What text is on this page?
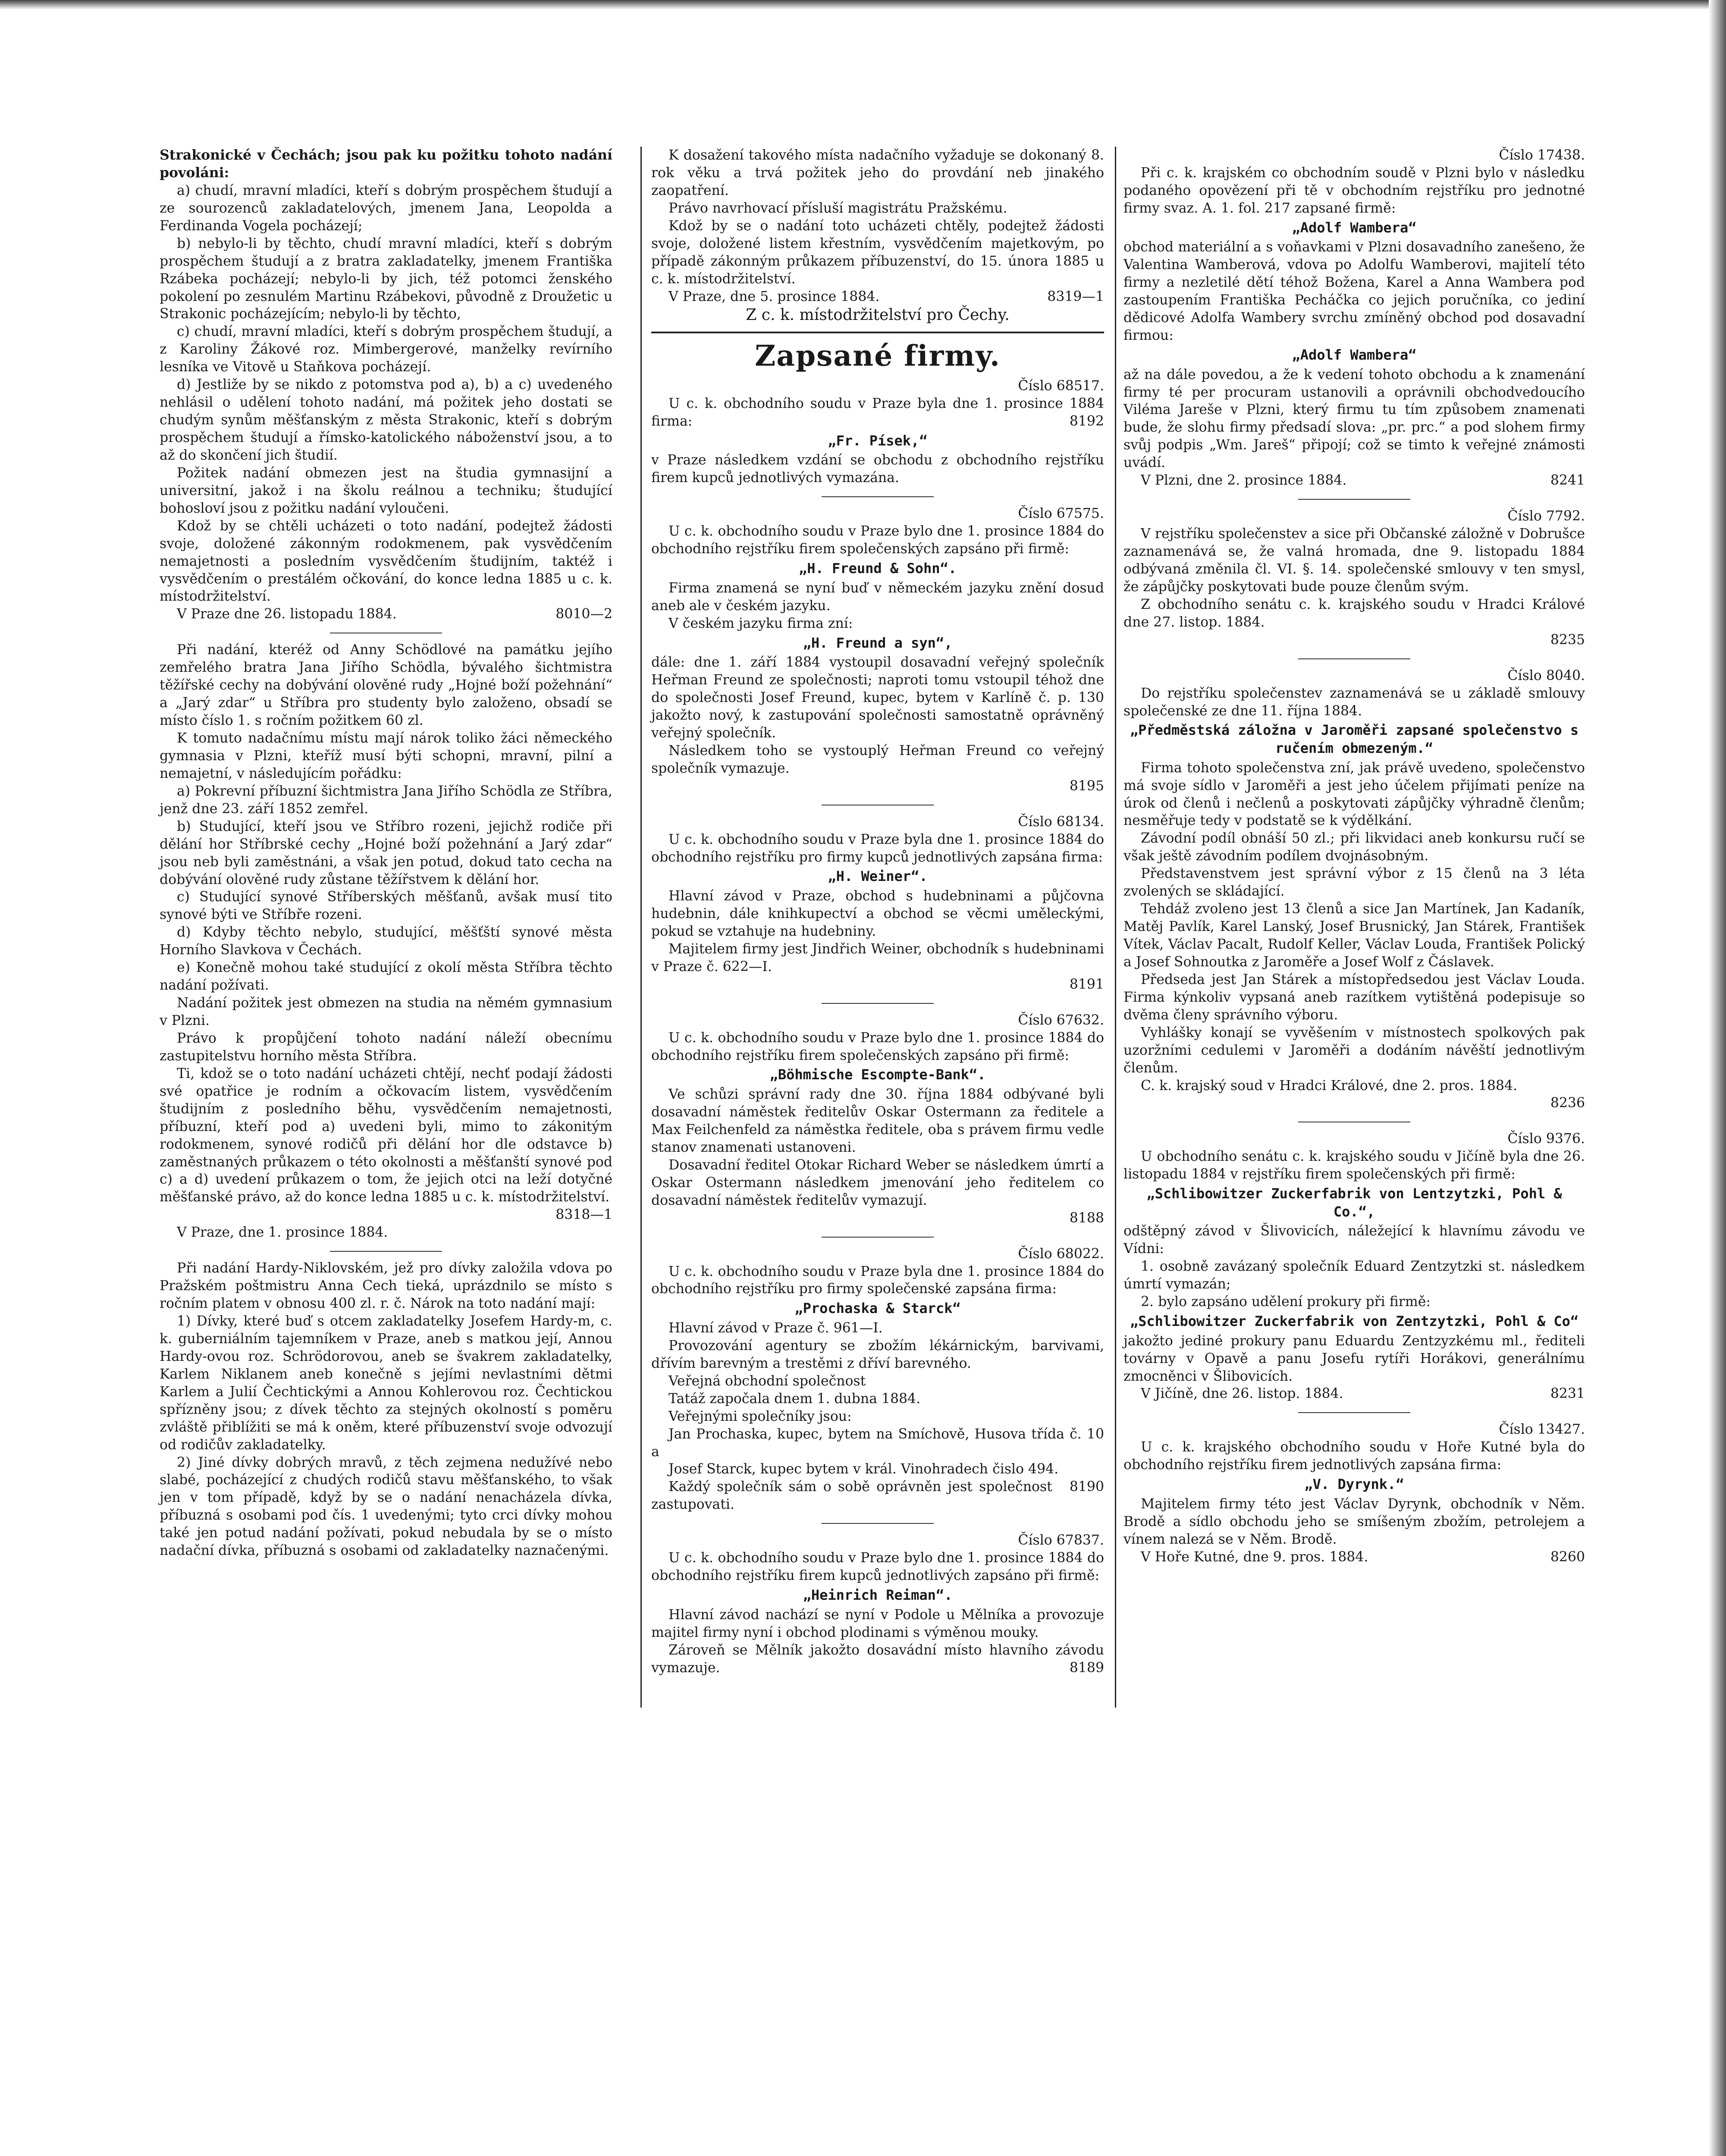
Strakonické v Čechách; jsou pak ku požitku tohoto nadání povoláni:

a) chudí, mravní mladíci, kteří s dobrým prospěchem študují a ze sourozenců zakladatelových, jmenem Jana, Leopolda a Ferdinanda Vogela pocházejí;

b) nebylo-li by těchto, chudí mravní mladíci, kteří s dobrým prospěchem študují a z bratra zakladatelky, jmenem Františka Rzábeka pocházejí; nebylo-li by jich, též potomci ženského pokolení po zesnulém Martinu Rzábekovi, původně z Droužetic u Strakonic pocházejícím; nebylo-li by těchto,

c) chudí, mravní mladíci, kteří s dobrým prospěchem študují, a z Karoliny Žákové roz. Mimbergerové, manželky revírního lesníka ve Vitově u Staňkova pocházejí.

d) Jestliže by se nikdo z potomstva pod a), b) a c) uvedeného nehlásil o udělení tohoto nadání, má požitek jeho dostati se chudým synům měšťanským z města Strakonic, kteří s dobrým prospěchem študují a římsko-katolického náboženství jsou, a to až do skončení jich študií.

Požitek nadání obmezen jest na študia gymnasijní a universitní, jakož i na školu reálnou a techniku; študující bohosloví jsou z požitku nadání vyloučeni.

Kdož by se chtěli ucházeti o toto nadání, podejtež žádosti svoje, doložené zákonným rodokmenem, pak vysvědčením nemajetnosti a posledním vysvědčením študijním, taktéž i vysvědčením o prestálém očkování, do konce ledna 1885 u c. k. místodržitelství.

V Praze dne 26. listopadu 1884.	8010—2

Při nadání, kteréž od Anny Schödlové na památku jejího zemřelého bratra Jana Jiřího Schödla, bývalého šichtmistra těžířské cechy na dobývání olověné rudy „Hojné boží požehnání“ a „Jarý zdar“ u Stříbra pro studenty bylo založeno, obsadí se místo číslo 1. s ročním požitkem 60 zl.

K tomuto nadačnímu místu mají nárok toliko žáci německého gymnasia v Plzni, kteříž musí býti schopni, mravní, pilní a nemajetní, v následujícím pořádku:

a) Pokrevní příbuzní šichtmistra Jana Jiřího Schödla ze Stříbra, jenž dne 23. září 1852 zemřel.

b) Studující, kteří jsou ve Stříbro rozeni, jejichž rodiče při dělání hor Stříbrské cechy „Hojné boží požehnání a Jarý zdar“ jsou neb byli zaměstnáni, a však jen potud, dokud tato cecha na dobývání olověné rudy zůstane těžířstvem k dělání hor.

c) Studující synové Stříberských měšťanů, avšak musí tito synové býti ve Stříbře rozeni.

d) Kdyby těchto nebylo, studující, měšťští synové města Horního Slavkova v Čechách.

e) Konečně mohou také studující z okolí města Stříbra těchto nadání požívati.

Nadání požitek jest obmezen na studia na němém gymnasium v Plzni.

Právo k propůjčení tohoto nadání náleží obecnímu zastupitelstvu horního města Stříbra.

Ti, kdož se o toto nadání ucházeti chtějí, nechť podají žádosti své opatřice je rodním a očkovacím listem, vysvědčením študijním z posledního běhu, vysvědčením nemajetnosti, příbuzní, kteří pod a) uvedeni byli, mimo to zákonitým rodokmenem, synové rodičů při dělání hor dle odstavce b) zaměstnaných průkazem o této okolnosti a měšťanští synové pod c) a d) uvedení průkazem o tom, že jejich otci na leží dotyčné měšťanské právo, až do konce ledna 1885 u c. k. místodržitelství.

8318—1

V Praze, dne 1. prosince 1884.

Při nadání Hardy-Niklovském, jež pro dívky založila vdova po Pražském poštmistru Anna Cech tieká, uprázdnilo se místo s ročním platem v obnosu 400 zl. r. č. Nárok na toto nadání mají:

1) Dívky, které buď s otcem zakladatelky Josefem Hardy-m, c. k. guberniálním tajemníkem v Praze, aneb s matkou její, Annou Hardy-ovou roz. Schrödorovou, aneb se švakrem zakladatelky, Karlem Niklanem aneb konečně s jejími nevlastními dětmi Karlem a Julií Čechtickými a Annou Kohlerovou roz. Čechtickou spřízněny jsou; z dívek těchto za stejných okolností s poměru zvláště přiblížiti se má k oněm, které příbuzenství svoje odvozují od rodičův zakladatelky.

2) Jiné dívky dobrých mravů, z těch zejmena nedužívé nebo slabé, pocházející z chudých rodičů stavu měšťanského, to však jen v tom případě, když by se o nadání nenacházela dívka, příbuzná s osobami pod čís. 1 uvedenými; tyto crci dívky mohou také jen potud nadání požívati, pokud nebudala by se o místo nadační dívka, příbuzná s osobami od zakladatelky naznačenými.

K dosažení takového místa nadačního vyžaduje se dokonaný 8. rok věku a trvá požitek jeho do provdání neb jinakého zaopatření.

Právo navrhovací přísluší magistrátu Pražskému.

Kdož by se o nadání toto ucházeti chtěly, podejtež žádosti svoje, doložené listem křestním, vysvědčením majetkovým, po případě zákonným průkazem příbuzenství, do 15. února 1885 u c. k. místodržitelství.

V Praze, dne 5. prosince 1884.	8319—1

Z c. k. místodržitelství pro Čechy.

Zapsané firmy.

Číslo 68517.

U c. k. obchodního soudu v Praze byla dne 1. prosince 1884 firma:	8192

„Fr. Písek,“

v Praze následkem vzdání se obchodu z obchodního rejstříku firem kupců jednotlivých vymazána.

Číslo 67575.

U c. k. obchodního soudu v Praze bylo dne 1. prosince 1884 do obchodního rejstříku firem společenských zapsáno při firmě:

„H. Freund & Sohn“.

Firma znamená se nyní buď v německém jazyku znění dosud aneb ale v českém jazyku.

V českém jazyku firma zní:

„H. Freund a syn“,

dále: dne 1. září 1884 vystoupil dosavadní veřejný společník Heřman Freund ze společnosti; naproti tomu vstoupil téhož dne do společnosti Josef Freund, kupec, bytem v Karlíně č. p. 130 jakožto nový, k zastupování společnosti samostatně oprávněný veřejný společník.

Následkem toho se vystouplý Heřman Freund co veřejný společník vymazuje.

8195

Číslo 68134.

U c. k. obchodního soudu v Praze byla dne 1. prosince 1884 do obchodního rejstříku pro firmy kupců jednotlivých zapsána firma:

„H. Weiner“.

Hlavní závod v Praze, obchod s hudebninami a půjčovna hudebnin, dále knihkupectví a obchod se věcmi uměleckými, pokud se vztahuje na hudebniny.

Majitelem firmy jest Jindřich Weiner, obchodník s hudebninami v Praze č. 622—I.

8191

Číslo 67632.

U c. k. obchodního soudu v Praze bylo dne 1. prosince 1884 do obchodního rejstříku firem společenských zapsáno při firmě:

„Böhmische Escompte-Bank“.

Ve schůzi správní rady dne 30. října 1884 odbývané byli dosavadní náměstek ředitelův Oskar Ostermann za ředitele a Max Feilchenfeld za náměstka ředitele, oba s právem firmu vedle stanov znamenati ustanoveni.

Dosavadní ředitel Otokar Richard Weber se následkem úmrtí a Oskar Ostermann následkem jmenování jeho ředitelem co dosavadní náměstek ředitelův vymazují.

8188

Číslo 68022.

U c. k. obchodního soudu v Praze byla dne 1. prosince 1884 do obchodního rejstříku pro firmy společenské zapsána firma:

„Prochaska & Starck“

Hlavní závod v Praze č. 961—I.

Provozování agentury se zbožím lékárnickým, barvivami, dřívím barevným a trestěmi z dříví barevného.

Veřejná obchodní společnost

Tatáž započala dnem 1. dubna 1884.

Veřejnými společníky jsou:

Jan Prochaska, kupec, bytem na Smíchově, Husova třída č. 10 a

Josef Starck, kupec bytem v král. Vinohradech čislo 494.
8190

Každý společník sám o sobě oprávněn jest společnost zastupovati.

Číslo 67837.

U c. k. obchodního soudu v Praze bylo dne 1. prosince 1884 do obchodního rejstříku firem kupců jednotlivých zapsáno při firmě:

„Heinrich Reiman“.

Hlavní závod nachází se nyní v Podole u Mělníka a provozuje majitel firmy nyní i obchod plodinami s výměnou mouky.

Zároveň se Mělník jakožto dosavádní místo hlavního závodu vymazuje.	8189

Číslo 17438.

Při c. k. krajském co obchodním soudě v Plzni bylo v následku podaného opovězení při tě v obchodním rejstříku pro jednotné firmy svaz. A. 1. fol. 217 zapsané firmě:

„Adolf Wambera“

obchod materiální a s voňavkami v Plzni dosavadního zanešeno, že Valentina Wamberová, vdova po Adolfu Wamberovi, majitelí této firmy a nezletilé dětí téhož Božena, Karel a Anna Wambera pod zastoupením Františka Pecháčka co jejich poručníka, co jediní dědicové Adolfa Wambery svrchu zmíněný obchod pod dosavadní firmou:

„Adolf Wambera“

až na dále povedou, a že k vedení tohoto obchodu a k znamenání firmy té per procuram ustanovili a oprávnili obchodvedoucího Viléma Jareše v Plzni, který firmu tu tím způsobem znamenati bude, že slohu firmy předsadí slova: „pr. prc.“ a pod slohem firmy svůj podpis „Wm. Jareš“ připojí; což se timto k veřejné známosti uvádí.

V Plzni, dne 2. prosince 1884.	8241

Číslo 7792.

V rejstříku společenstev a sice při Občanské záložně v Dobrušce zaznamenává se, že valná hromada, dne 9. listopadu 1884 odbývaná změnila čl. VI. §. 14. společenské smlouvy v ten smysl, že zápůjčky poskytovati bude pouze členům svým.

Z obchodního senátu c. k. krajského soudu v Hradci Králové dne 27. listop. 1884.

8235

Číslo 8040.

Do rejstříku společenstev zaznamenává se u základě smlouvy společenské ze dne 11. října 1884.

„Předměstská záložna v Jaroměři zapsané společenstvo s ručením obmezeným.“

Firma tohoto společenstva zní, jak právě uvedeno, společenstvo má svoje sídlo v Jaroměři a jest jeho účelem přijímati peníze na úrok od členů i nečlenů a poskytovati zápůjčky výhradně členům; nesměřuje tedy v podstatě se k výdělkání.

Závodní podíl obnáší 50 zl.; při likvidaci aneb konkursu ručí se však ještě závodním podílem dvojnásobným.

Představenstvem jest správní výbor z 15 členů na 3 léta zvolených se skládající.

Tehdáž zvoleno jest 13 členů a sice Jan Martínek, Jan Kadaník, Matěj Pavlík, Karel Lanský, Josef Brusnický, Jan Stárek, František Vítek, Václav Pacalt, Rudolf Keller, Václav Louda, František Polický a Josef Sohnoutka z Jaroměře a Josef Wolf z Čáslavek.

Předseda jest Jan Stárek a místopředsedou jest Václav Louda. Firma kýnkoliv vypsaná aneb razítkem vytištěná podepisuje so dvěma členy správního výboru.

Vyhlášky konají se vyvěšením v místnostech spolkových pak uzoržními cedulemi v Jaroměři a dodáním návěští jednotlivým členům.

C. k. krajský soud v Hradci Králové, dne 2. pros. 1884.

8236

Číslo 9376.

U obchodního senátu c. k. krajského soudu v Jičíně byla dne 26. listopadu 1884 v rejstříku firem společenských při firmě:

„Schlibowitzer Zuckerfabrik von Lentzytzki, Pohl & Co.“,

odštěpný závod v Šlivovicích, náležející k hlavnímu závodu ve Vídni:

1. osobně zavázaný společník Eduard Zentzytzki st. následkem úmrtí vymazán;

2. bylo zapsáno udělení prokury při firmě:

„Schlibowitzer Zuckerfabrik von Zentzytzki, Pohl & Co“

jakožto jediné prokury panu Eduardu Zentzyzkému ml., řediteli továrny v Opavě a panu Josefu rytíři Horákovi, generálnímu zmocněnci v Šlibovicích.

V Jičíně, dne 26. listop. 1884.	8231

Číslo 13427.

U c. k. krajského obchodního soudu v Hoře Kutné byla do obchodního rejstříku firem jednotlivých zapsána firma:

„V. Dyrynk.“

Majitelem firmy této jest Václav Dyrynk, obchodník v Něm. Brodě a sídlo obchodu jeho se smíšeným zbožím, petrolejem a vínem nalezá se v Něm. Brodě.

V Hoře Kutné, dne 9. pros. 1884.	8260
